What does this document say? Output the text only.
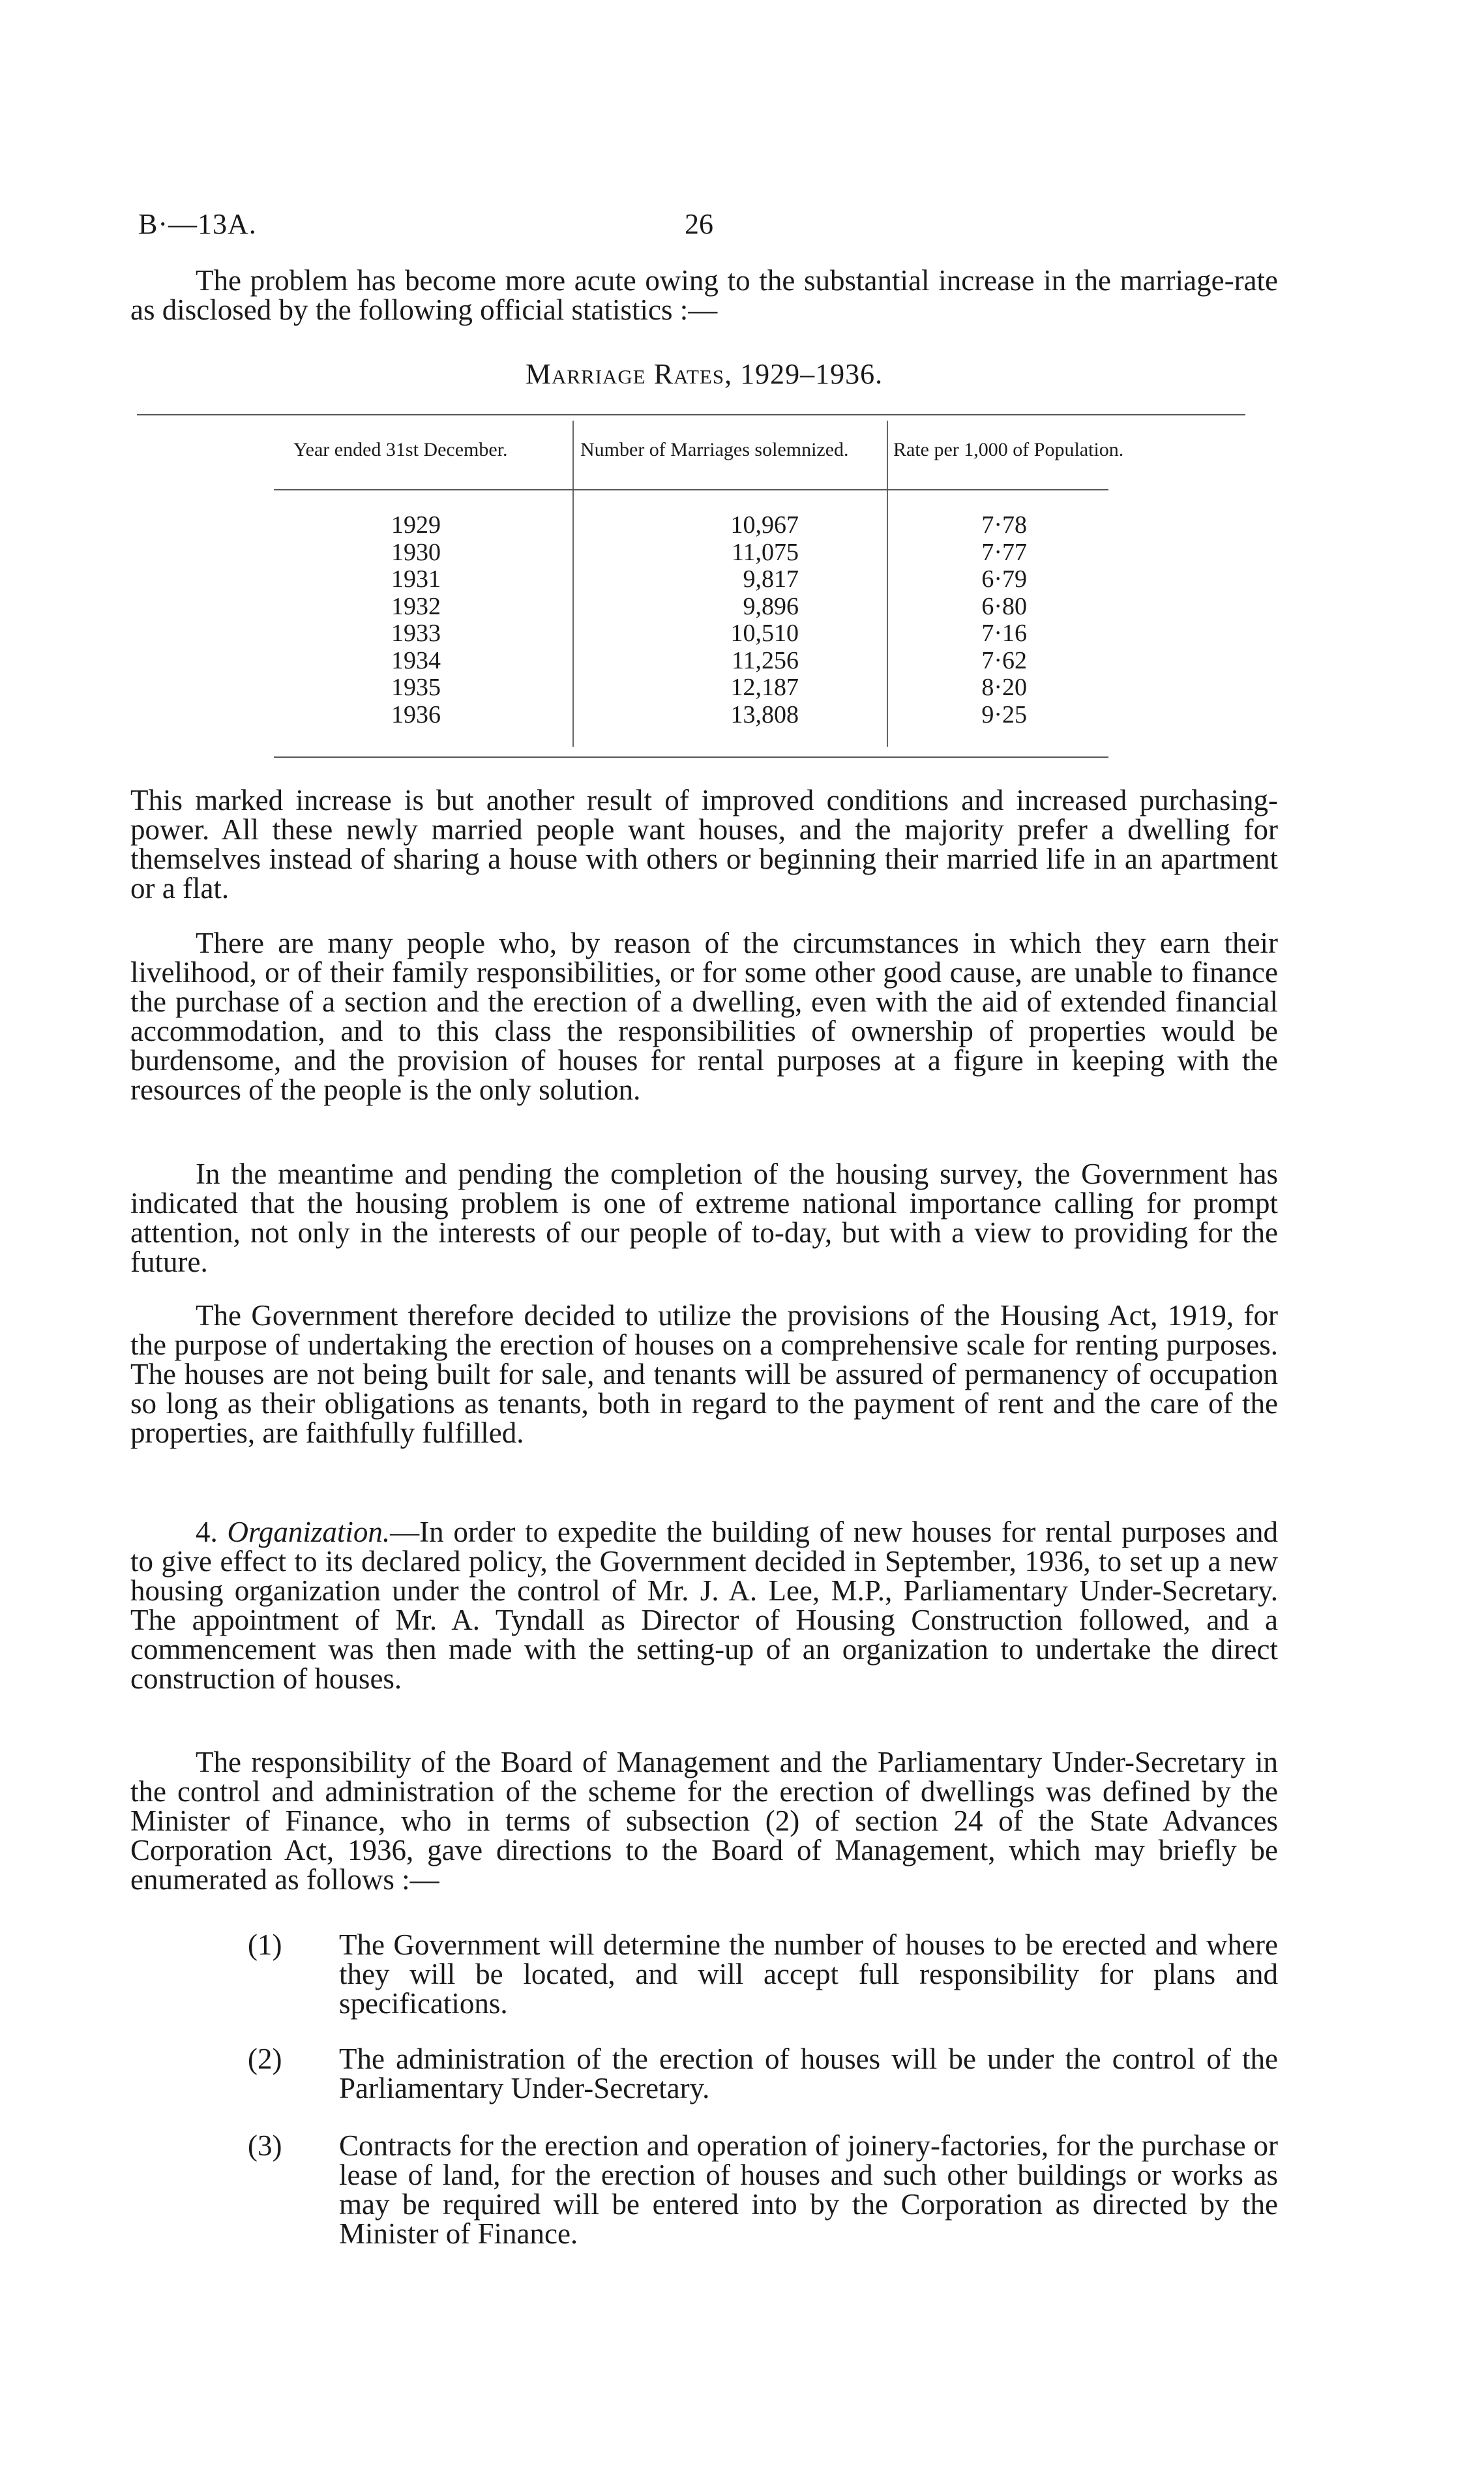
B·—13A.	26

The problem has become more acute owing to the substantial increase in the marriage-rate as disclosed by the following official statistics :—

Marriage Rates, 1929–1936.
Year ended 31st December.	Number of Marriages solemnized. Rate per 1,000 of Population.
1929
1930
1931
1932
1933
1934
1935
1936
10,967
11,075
9,817
9,896
10,510
11,256
12,187
13,808
7·78
7·77
6·79
6·80
7·16
7·62
8·20
9·25

This marked increase is but another result of improved conditions and increased purchasing-power. All these newly married people want houses, and the majority prefer a dwelling for themselves instead of sharing a house with others or beginning their married life in an apartment or a flat.

There are many people who, by reason of the circumstances in which they earn their livelihood, or of their family responsibilities, or for some other good cause, are unable to finance the purchase of a section and the erection of a dwelling, even with the aid of extended financial accommodation, and to this class the responsibilities of ownership of properties would be burdensome, and the provision of houses for rental purposes at a figure in keeping with the resources of the people is the only solution.

In the meantime and pending the completion of the housing survey, the Government has indicated that the housing problem is one of extreme national importance calling for prompt attention, not only in the interests of our people of to-day, but with a view to providing for the future.

The Government therefore decided to utilize the provisions of the Housing Act, 1919, for the purpose of undertaking the erection of houses on a comprehensive scale for renting purposes. The houses are not being built for sale, and tenants will be assured of permanency of occupation so long as their obligations as tenants, both in regard to the payment of rent and the care of the properties, are faithfully fulfilled.

4. Organization.—In order to expedite the building of new houses for rental purposes and to give effect to its declared policy, the Government decided in September, 1936, to set up a new housing organization under the control of Mr. J. A. Lee, M.P., Parliamentary Under-Secretary. The appointment of Mr. A. Tyndall as Director of Housing Construction followed, and a commencement was then made with the setting-up of an organization to undertake the direct construction of houses.

The responsibility of the Board of Management and the Parliamentary Under-Secretary in the control and administration of the scheme for the erection of dwellings was defined by the Minister of Finance, who in terms of subsection (2) of section 24 of the State Advances Corporation Act, 1936, gave directions to the Board of Management, which may briefly be enumerated as follows :—

(1) The Government will determine the number of houses to be erected and where they will be located, and will accept full responsibility for plans and specifications.
(2) The administration of the erection of houses will be under the control of the Parliamentary Under-Secretary.
(3) Contracts for the erection and operation of joinery-factories, for the purchase or lease of land, for the erection of houses and such other buildings or works as may be required will be entered into by the Corporation as directed by the Minister of Finance.
